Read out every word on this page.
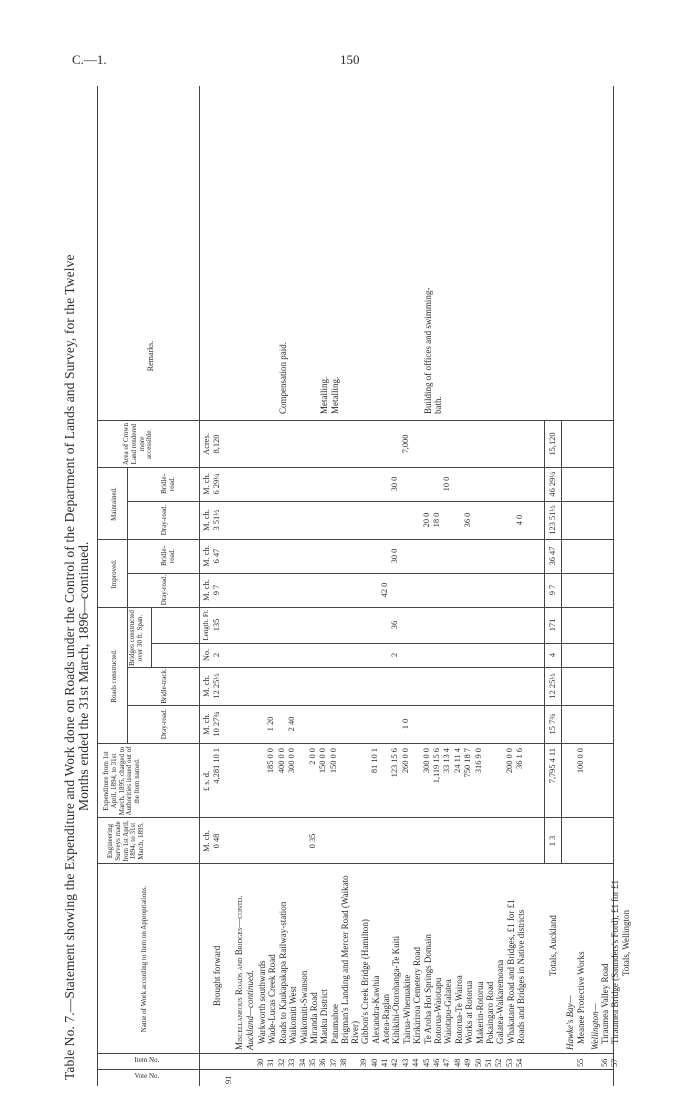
C.—1.	150
Table No. 7.—Statement showing the Expenditure and Work done on Roads under the Control of the Department of Lands and Survey, for the Twelve Months ended the 31st March, 1896—continued.
Vote No.
Item No.
Name of Work according to Item on Appropriations.
Engineering Surveys made from 1st April, 1894, to 31st March, 1895.
Expenditure from 1st April, 1894, to 31st March, 1895, charged to Authorities issued out of the Item named.
Roads constructed.
Dray-road.
Bridle-track.
Bridges constructed over 30 ft. Span.
Improved.
Dray-road.
Bridle-road.
Maintained.	Dray-road.
Bridle-road.
Area of Crown Land rendered more accessible.
Remarks.
M. ch.
£ s. d.
M. ch.
M. ch.
No.
Length. Ft.
M. ch.
M. ch.
M. ch.
M. ch.
Acres.
91
Brought forward
0 48
4,281 10 1
10 27¾
12 25½
2
135
9 7
6 47
3 51½
6 29¼
8,120
Miscellaneous Roads and Bridges—contd. Auckland—continued.
30
Warkworth southwards
31
Wade-Lucas Creek Road
185 0 0
1 20
32
Roads to Kaukapakapa Railway-station
400 0 0
Compensation paid.
33
Waikomiti West
300 0 0
2 40
34
Waikomiti-Swanson
35
Miranda Road
0 35
2 0 0
36
Mauku District
150 0 0
Metalling.
37
Patumahoe
150 0 0
Metalling.
38
Brigman's Landing and Mercer Road (Waikato River)
39
Gibbon's Creek Bridge (Hamilton)
40
Alexandra-Kawhia
81 10 1
41
Aotea-Raglan
42 0
42
Kihikihi-Otorohanga-Te Kuiti
123 15 6
2
36
30 0
30 0
43
Tairua-Whenuakite
260 0 0
1 0
7,000
44
Kirikiriroa Cemetery Road
45
Te Aroha Hot Springs Domain
300 0 0
20 0
Building of offices and swimming-bath.
46
Rotorua-Waiotapu
1,119 15 6
18 0
47
Waiotapu-Galatea
33 13 4
10 0
48
Rotorua-Te Wairoa
24 11 4
49
Works at Rotorua
750 18 7
36 0
50
Makerin-Rotorua
316 9 0
51
Pokaingaro Road
52
Galatea-Waikaremoana
53
Whakatane Road and Bridges, £1 for £1
200 0 0
54
Roads and Bridges in Native districts
36 1 6
4 0
Totals, Auckland
1 3
7,795 4 11
15 7¾
12 25½
4
171
9 7
36 47
123 51½
46 29¼
15,120
Hawke's Bay—
55
Meanee Protective Works
100 0 0
Wellington—
56
Tiraumea Valley Road
57
Tiraumea Bridge (Saunders's Ford), £1 for £1 Totals, Wellington
